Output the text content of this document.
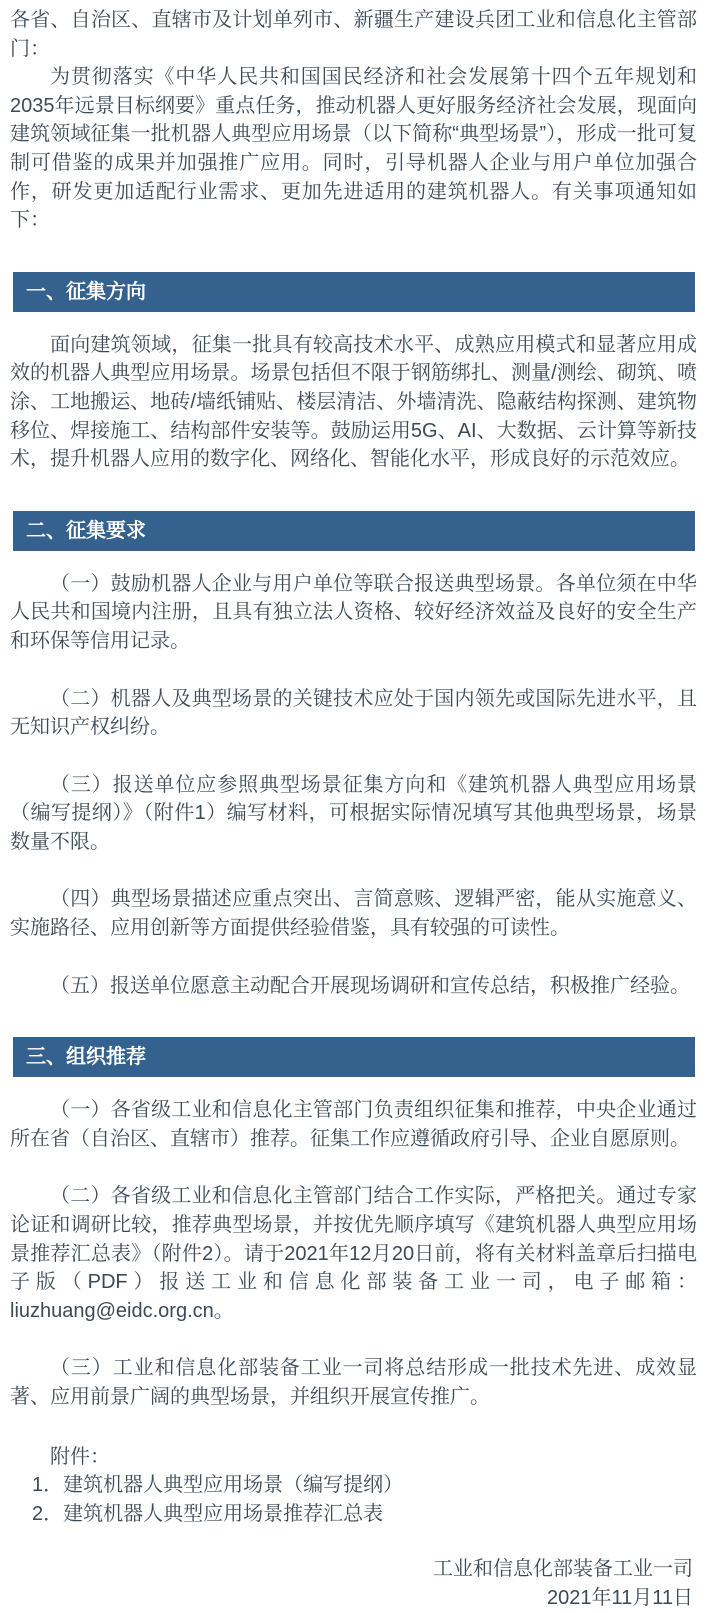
各省、自治区、直辖市及计划单列市、新疆生产建设兵团工业和信息化主管部门：

为贯彻落实《中华人民共和国国民经济和社会发展第十四个五年规划和2035年远景目标纲要》重点任务，推动机器人更好服务经济社会发展，现面向建筑领域征集一批机器人典型应用场景（以下简称“典型场景”），形成一批可复制可借鉴的成果并加强推广应用。同时，引导机器人企业与用户单位加强合作，研发更加适配行业需求、更加先进适用的建筑机器人。有关事项通知如下：

一、征集方向

面向建筑领域，征集一批具有较高技术水平、成熟应用模式和显著应用成效的机器人典型应用场景。场景包括但不限于钢筋绑扎、测量/测绘、砌筑、喷涂、工地搬运、地砖/墙纸铺贴、楼层清洁、外墙清洗、隐蔽结构探测、建筑物移位、焊接施工、结构部件安装等。鼓励运用5G、AI、大数据、云计算等新技术，提升机器人应用的数字化、网络化、智能化水平，形成良好的示范效应。

二、征集要求

（一）鼓励机器人企业与用户单位等联合报送典型场景。各单位须在中华人民共和国境内注册，且具有独立法人资格、较好经济效益及良好的安全生产和环保等信用记录。

（二）机器人及典型场景的关键技术应处于国内领先或国际先进水平，且无知识产权纠纷。

（三）报送单位应参照典型场景征集方向和《建筑机器人典型应用场景（编写提纲）》（附件1）编写材料，可根据实际情况填写其他典型场景，场景数量不限。

（四）典型场景描述应重点突出、言简意赅、逻辑严密，能从实施意义、实施路径、应用创新等方面提供经验借鉴，具有较强的可读性。

（五）报送单位愿意主动配合开展现场调研和宣传总结，积极推广经验。

三、组织推荐

（一）各省级工业和信息化主管部门负责组织征集和推荐，中央企业通过所在省（自治区、直辖市）推荐。征集工作应遵循政府引导、企业自愿原则。

（二）各省级工业和信息化主管部门结合工作实际，严格把关。通过专家论证和调研比较，推荐典型场景，并按优先顺序填写《建筑机器人典型应用场景推荐汇总表》（附件2）。请于2021年12月20日前，将有关材料盖章后扫描电子版（PDF）报送工业和信息化部装备工业一司，电子邮箱：liuzhuang@eidc.org.cn。

（三）工业和信息化部装备工业一司将总结形成一批技术先进、成效显著、应用前景广阔的典型场景，并组织开展宣传推广。

附件：

1．建筑机器人典型应用场景（编写提纲）

2．建筑机器人典型应用场景推荐汇总表

工业和信息化部装备工业一司

2021年11月11日
